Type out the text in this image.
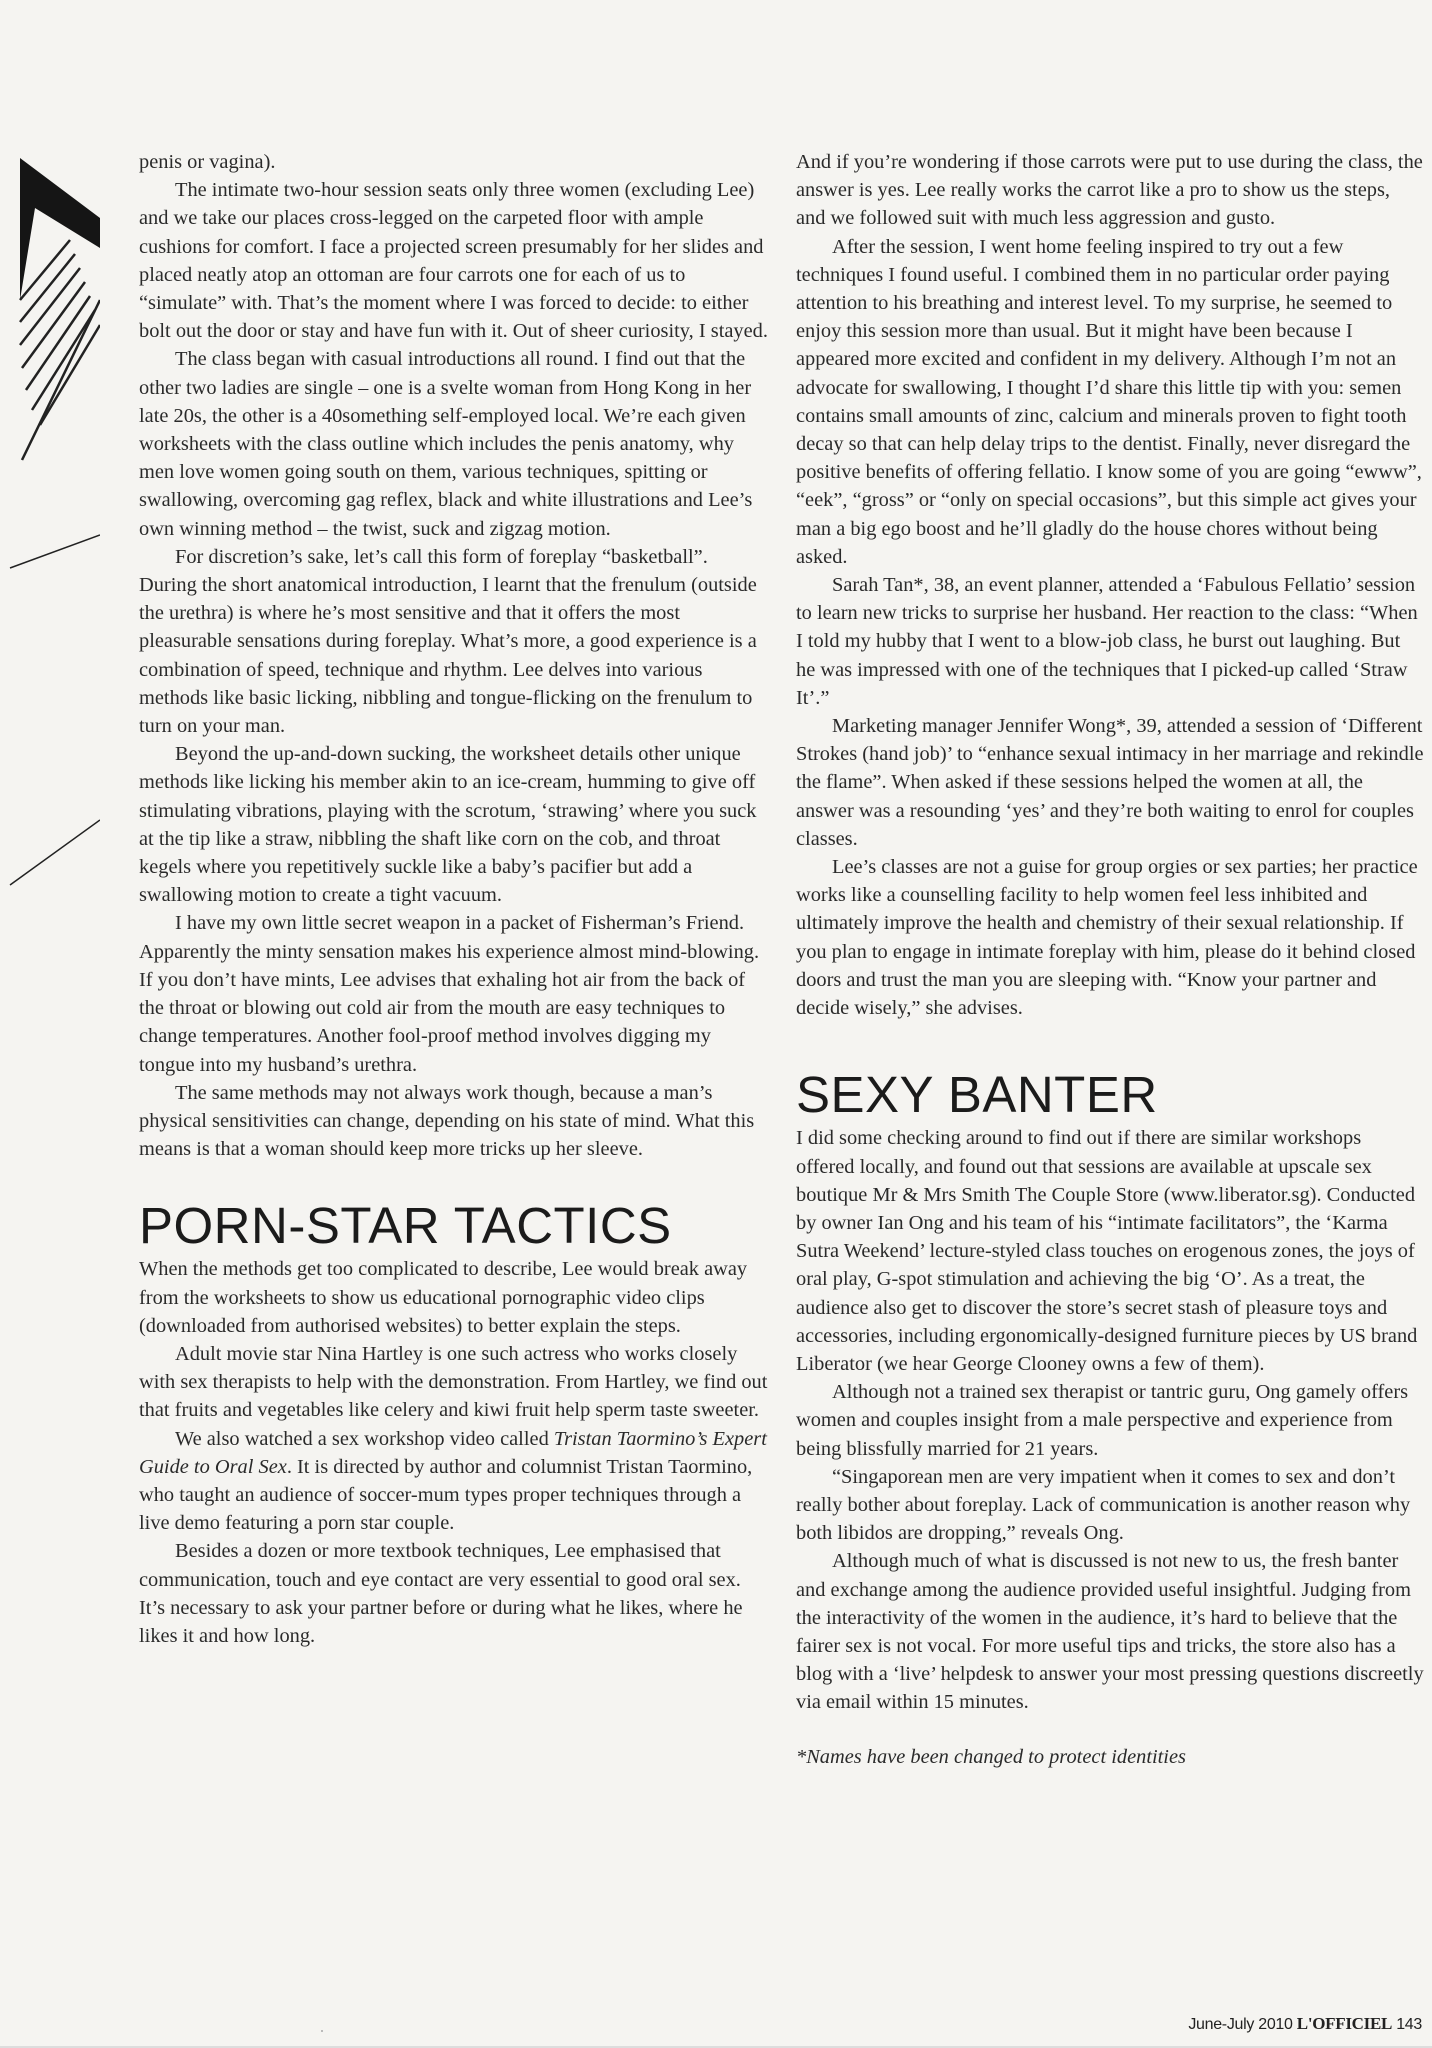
penis or vagina).

The intimate two-hour session seats only three women (excluding Lee) and we take our places cross-legged on the carpeted floor with ample cushions for comfort. I face a projected screen presumably for her slides and placed neatly atop an ottoman are four carrots one for each of us to “simulate” with. That’s the moment where I was forced to decide: to either bolt out the door or stay and have fun with it. Out of sheer curiosity, I stayed.

The class began with casual introductions all round. I find out that the other two ladies are single – one is a svelte woman from Hong Kong in her late 20s, the other is a 40something self-employed local. We’re each given worksheets with the class outline which includes the penis anatomy, why men love women going south on them, various techniques, spitting or swallowing, overcoming gag reflex, black and white illustrations and Lee’s own winning method – the twist, suck and zigzag motion.

For discretion’s sake, let’s call this form of foreplay “basketball”. During the short anatomical introduction, I learnt that the frenulum (outside the urethra) is where he’s most sensitive and that it offers the most pleasurable sensations during foreplay. What’s more, a good experience is a combination of speed, technique and rhythm. Lee delves into various methods like basic licking, nibbling and tongue-flicking on the frenulum to turn on your man.

Beyond the up-and-down sucking, the worksheet details other unique methods like licking his member akin to an ice-cream, humming to give off stimulating vibrations, playing with the scrotum, ‘strawing’ where you suck at the tip like a straw, nibbling the shaft like corn on the cob, and throat kegels where you repetitively suckle like a baby’s pacifier but add a swallowing motion to create a tight vacuum.

I have my own little secret weapon in a packet of Fisherman’s Friend. Apparently the minty sensation makes his experience almost mind-blowing. If you don’t have mints, Lee advises that exhaling hot air from the back of the throat or blowing out cold air from the mouth are easy techniques to change temperatures. Another fool-proof method involves digging my tongue into my husband’s urethra.

The same methods may not always work though, because a man’s physical sensitivities can change, depending on his state of mind. What this means is that a woman should keep more tricks up her sleeve.

PORN-STAR TACTICS

When the methods get too complicated to describe, Lee would break away from the worksheets to show us educational pornographic video clips (downloaded from authorised websites) to better explain the steps.

Adult movie star Nina Hartley is one such actress who works closely with sex therapists to help with the demonstration. From Hartley, we find out that fruits and vegetables like celery and kiwi fruit help sperm taste sweeter.

We also watched a sex workshop video called Tristan Taormino’s Expert Guide to Oral Sex. It is directed by author and columnist Tristan Taormino, who taught an audience of soccer-mum types proper techniques through a live demo featuring a porn star couple.

Besides a dozen or more textbook techniques, Lee emphasised that communication, touch and eye contact are very essential to good oral sex. It’s necessary to ask your partner before or during what he likes, where he likes it and how long.

And if you’re wondering if those carrots were put to use during the class, the answer is yes. Lee really works the carrot like a pro to show us the steps, and we followed suit with much less aggression and gusto.

After the session, I went home feeling inspired to try out a few techniques I found useful. I combined them in no particular order paying attention to his breathing and interest level. To my surprise, he seemed to enjoy this session more than usual. But it might have been because I appeared more excited and confident in my delivery. Although I’m not an advocate for swallowing, I thought I’d share this little tip with you: semen contains small amounts of zinc, calcium and minerals proven to fight tooth decay so that can help delay trips to the dentist. Finally, never disregard the positive benefits of offering fellatio. I know some of you are going “ewww”, “eek”, “gross” or “only on special occasions”, but this simple act gives your man a big ego boost and he’ll gladly do the house chores without being asked.

Sarah Tan*, 38, an event planner, attended a ‘Fabulous Fellatio’ session to learn new tricks to surprise her husband. Her reaction to the class: “When I told my hubby that I went to a blow-job class, he burst out laughing. But he was impressed with one of the techniques that I picked-up called ‘Straw It’.”

Marketing manager Jennifer Wong*, 39, attended a session of ‘Different Strokes (hand job)’ to “enhance sexual intimacy in her marriage and rekindle the flame”. When asked if these sessions helped the women at all, the answer was a resounding ‘yes’ and they’re both waiting to enrol for couples classes.

Lee’s classes are not a guise for group orgies or sex parties; her practice works like a counselling facility to help women feel less inhibited and ultimately improve the health and chemistry of their sexual relationship. If you plan to engage in intimate foreplay with him, please do it behind closed doors and trust the man you are sleeping with. “Know your partner and decide wisely,” she advises.

SEXY BANTER

I did some checking around to find out if there are similar workshops offered locally, and found out that sessions are available at upscale sex boutique Mr & Mrs Smith The Couple Store (www.liberator.sg). Conducted by owner Ian Ong and his team of his “intimate facilitators”, the ‘Karma Sutra Weekend’ lecture-styled class touches on erogenous zones, the joys of oral play, G-spot stimulation and achieving the big ‘O’. As a treat, the audience also get to discover the store’s secret stash of pleasure toys and accessories, including ergonomically-designed furniture pieces by US brand Liberator (we hear George Clooney owns a few of them).

Although not a trained sex therapist or tantric guru, Ong gamely offers women and couples insight from a male perspective and experience from being blissfully married for 21 years.

“Singaporean men are very impatient when it comes to sex and don’t really bother about foreplay. Lack of communication is another reason why both libidos are dropping,” reveals Ong.

Although much of what is discussed is not new to us, the fresh banter and exchange among the audience provided useful insightful. Judging from the interactivity of the women in the audience, it’s hard to believe that the fairer sex is not vocal. For more useful tips and tricks, the store also has a blog with a ‘live’ helpdesk to answer your most pressing questions discreetly via email within 15 minutes.

*Names have been changed to protect identities

June-July 2010 L'OFFICIEL 143
